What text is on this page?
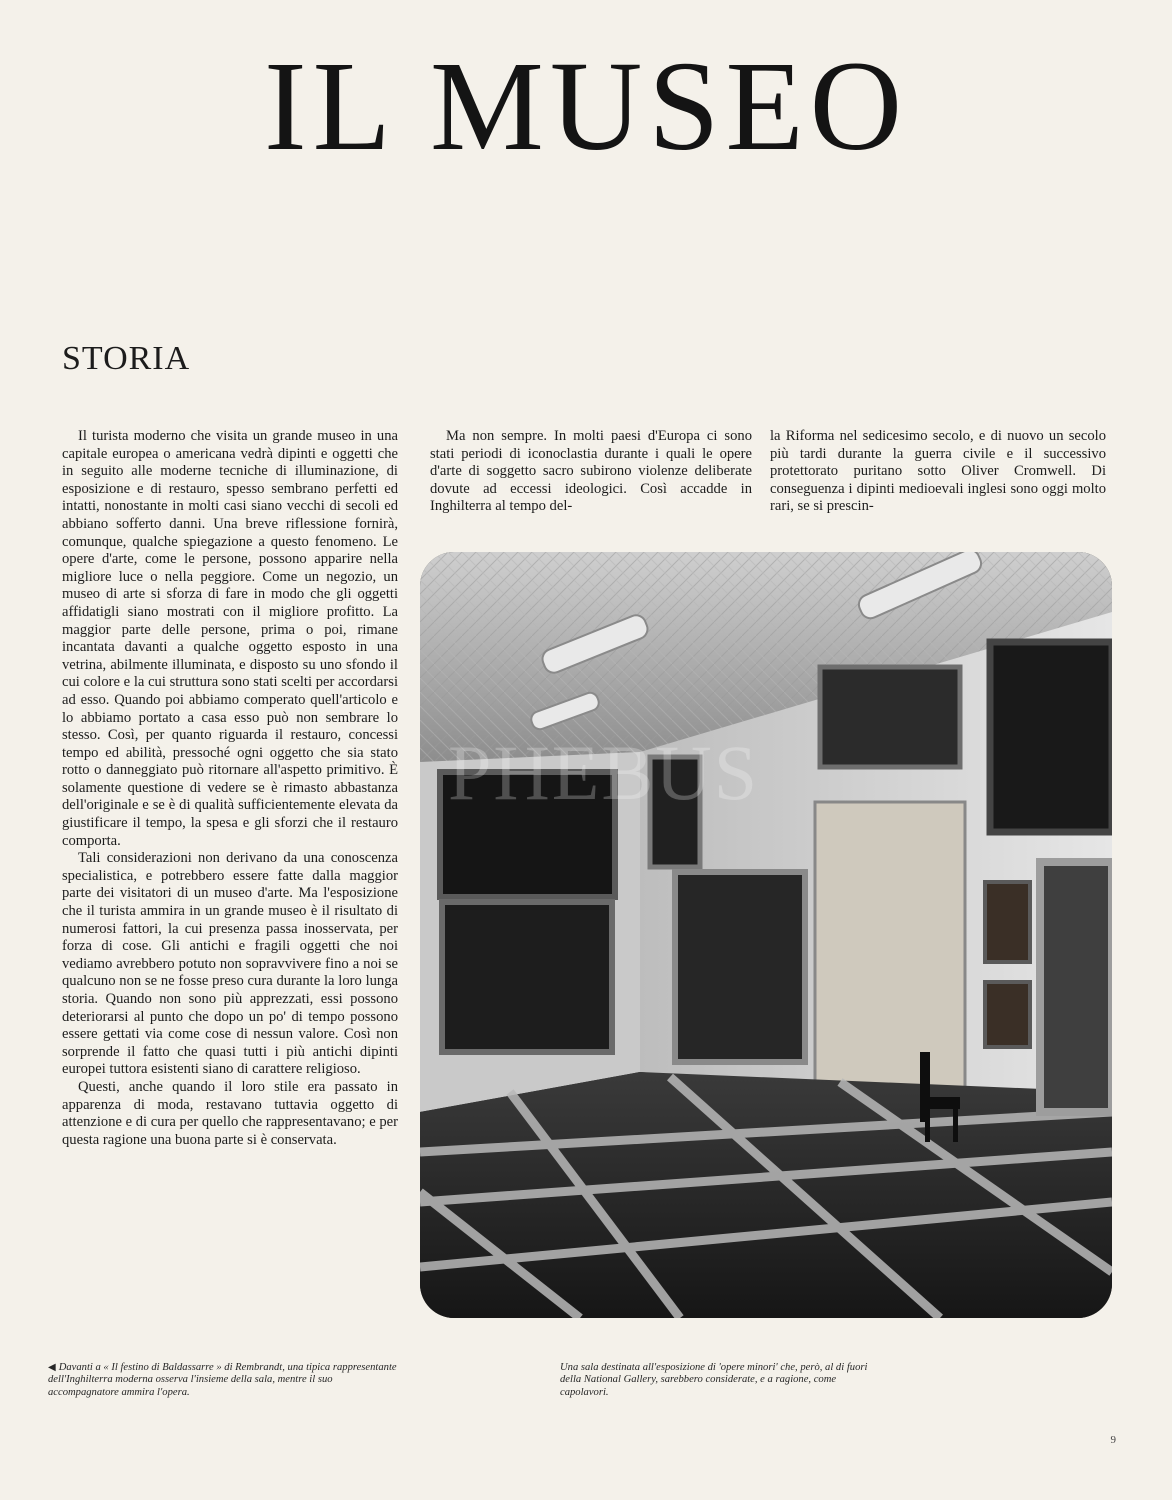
IL MUSEO
STORIA

Il turista moderno che visita un grande museo in una capitale europea o americana vedrà dipinti e oggetti che in seguito alle moderne tecniche di illuminazione, di esposizione e di restauro, spesso sembrano perfetti ed intatti, nonostante in molti casi siano vecchi di secoli ed abbiano sofferto danni. Una breve riflessione fornirà, comunque, qualche spiegazione a questo fenomeno. Le opere d'arte, come le persone, possono apparire nella migliore luce o nella peggiore. Come un negozio, un museo di arte si sforza di fare in modo che gli oggetti affidatigli siano mostrati con il migliore profitto. La maggior parte delle persone, prima o poi, rimane incantata davanti a qualche oggetto esposto in una vetrina, abilmente illuminata, e disposto su uno sfondo il cui colore e la cui struttura sono stati scelti per accordarsi ad esso. Quando poi abbiamo comperato quell'articolo e lo abbiamo portato a casa esso può non sembrare lo stesso. Così, per quanto riguarda il restauro, concessi tempo ed abilità, pressoché ogni oggetto che sia stato rotto o danneggiato può ritornare all'aspetto primitivo. È solamente questione di vedere se è rimasto abbastanza dell'originale e se è di qualità sufficientemente elevata da giustificare il tempo, la spesa e gli sforzi che il restauro comporta.

Tali considerazioni non derivano da una conoscenza specialistica, e potrebbero essere fatte dalla maggior parte dei visitatori di un museo d'arte. Ma l'esposizione che il turista ammira in un grande museo è il risultato di numerosi fattori, la cui presenza passa inosservata, per forza di cose. Gli antichi e fragili oggetti che noi vediamo avrebbero potuto non sopravvivere fino a noi se qualcuno non se ne fosse preso cura durante la loro lunga storia. Quando non sono più apprezzati, essi possono deteriorarsi al punto che dopo un po' di tempo possono essere gettati via come cose di nessun valore. Così non sorprende il fatto che quasi tutti i più antichi dipinti europei tuttora esistenti siano di carattere religioso.

Questi, anche quando il loro stile era passato in apparenza di moda, restavano tuttavia oggetto di attenzione e di cura per quello che rappresentavano; e per questa ragione una buona parte si è conservata.

Ma non sempre. In molti paesi d'Europa ci sono stati periodi di iconoclastia durante i quali le opere d'arte di soggetto sacro subirono violenze deliberate dovute ad eccessi ideologici. Così accadde in Inghilterra al tempo del-

la Riforma nel sedicesimo secolo, e di nuovo un secolo più tardi durante la guerra civile e il successivo protettorato puritano sotto Oliver Cromwell. Di conseguenza i dipinti medioevali inglesi sono oggi molto rari, se si prescin-

PHEBUS
◀ Davanti a « Il festino di Baldassarre » di Rembrandt, una tipica rappresentante dell'Inghilterra moderna osserva l'insieme della sala, mentre il suo accompagnatore ammira l'opera.
Una sala destinata all'esposizione di 'opere minori' che, però, al di fuori della National Gallery, sarebbero considerate, e a ragione, come capolavori.
9
